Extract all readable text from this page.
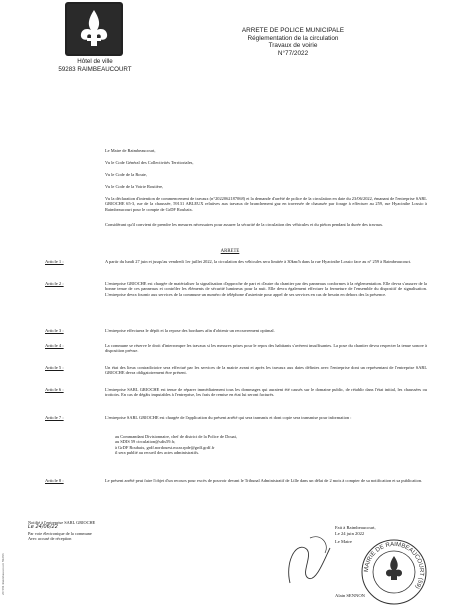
Hôtel de ville
59283 RAIMBEAUCOURT
ARRETE DE POLICE MUNICIPALE
Réglementation de la circulation
Travaux de voirie
N°77/2022
Le Maire de Raimbeaucourt,
Vu le Code Général des Collectivités Territoriales,
Vu le Code de la Route,
Vu le Code de la Voirie Routière,
Vu la déclaration d'intention de commencement de travaux (n°2022062187068) et la demande d'arrêté de police de la circulation en date du 23/06/2022, émanant de l'entreprise SARL GRIOCHE 65-3, rue de la chaussée, 59131 ABLEUX relatives aux travaux de branchement gaz en traversée de chaussée par forage à effectuer au 259, rue Hyacinthe Lossio à Raimbeaucourt pour le compte de GrDF Roubaix.
Considérant qu'il convient de prendre les mesures nécessaires pour assurer la sécurité de la circulation des véhicules et du piéton pendant la durée des travaux.
ARRETE
Article 1 :	A partir du lundi 27 juin et jusqu'au vendredi 1er juillet 2022, la circulation des véhicules sera limitée à 30km/h dans la rue Hyacinthe Lossio face au n° 259 à Raimbeaucourt.
Article 2 :	L'entreprise GRIOCHE est chargée de matérialiser la signalisation d'approche de part et d'autre du chantier par des panneaux conformes à la réglementation. Elle devra s'assurer de la bonne tenue de ces panneaux et contrôler les éléments de sécurité lumineux pour la nuit. Elle devra également effectuer la fermeture de l'ensemble du dispositif de signalisation. L'entreprise devra fournir aux services de la commune un numéro de téléphone d'astreinte pour appel de ses services en cas de besoin en dehors des la présence.
Article 3 :	L'entreprise effectuera le dépôt et la repose des bordures afin d'obtenir un recouvrement optimal.
Article 4 :	La commune se réserve le droit d'interrompre les travaux si les mesures prises pour le repos des habitants s'avèrent insuffisantes. La pose du chantier devra respecter la tenue sonore à disposition prévue.
Article 5 :	Un état des lieux contradictoire sera effectué par les services de la mairie avant et après les travaux aux dates définies avec l'entreprise dont un représentant de l'entreprise SARL GRIOCHE devra obligatoirement être présent.
Article 6 :	L'entreprise SARL GRIOCHE est tenue de réparer immédiatement tous les dommages qui auraient été causés sur le domaine public, de rétablir dans l'état initial, les chaussées ou trottoirs. En cas de dégâts imputables à l'entreprise, les frais de remise en état lui seront facturés.
Article 7 :	L'entreprise SARL GRIOCHE est chargée de l'application du présent arrêté qui sera transmis et dont copie sera transmise pour information :
au Commandant Divisionnaire, chef de district de la Police de Douai,
au SDIS 59 circulation@sdis59.fr,
à GrDF Roubaix, grdf.nordouest.mcar.rpde@grdf.grdf.fr
il sera publié au recueil des actes administratifs.
Article 8 :	Le présent arrêté peut faire l'objet d'un recours pour excès de pouvoir devant le Tribunal Administratif de Lille dans un délai de 2 mois à compter de sa notification et sa publication.
Notifié à l'entreprise SARL GRIOCHE
Le 24/06/22
Par voie électronique de la commune
Avec accusé de réception
20 581 Raimbeaucourt 59283
Fait à Raimbeaucourt,
Le 24 juin 2022
Le Maire
Alain SENNON
MAIRIE DE RAIMBEAUCOURT (59)
